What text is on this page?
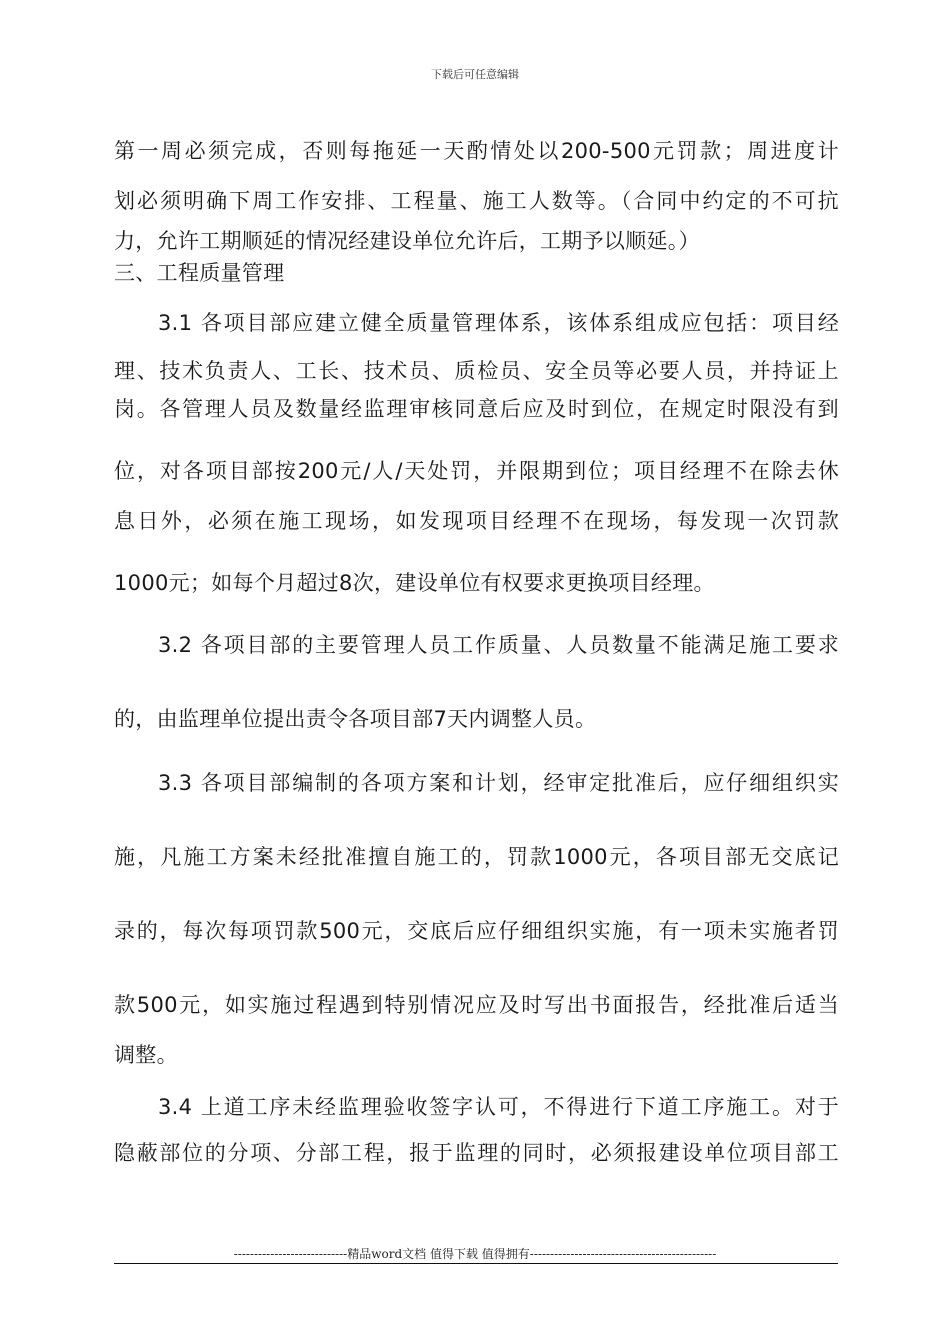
下载后可任意编辑
第一周必须完成，否则每拖延一天酌情处以200-500元罚款；周进度计
划必须明确下周工作安排、工程量、施工人数等。（合同中约定的不可抗
力，允许工期顺延的情况经建设单位允许后，工期予以顺延。）
三、工程质量管理
3.1 各项目部应建立健全质量管理体系，该体系组成应包括：项目经
理、技术负责人、工长、技术员、质检员、安全员等必要人员，并持证上
岗。各管理人员及数量经监理审核同意后应及时到位，在规定时限没有到
位，对各项目部按200元/人/天处罚，并限期到位；项目经理不在除去休
息日外，必须在施工现场，如发现项目经理不在现场，每发现一次罚款
1000元；如每个月超过8次，建设单位有权要求更换项目经理。
3.2 各项目部的主要管理人员工作质量、人员数量不能满足施工要求
的，由监理单位提出责令各项目部7天内调整人员。
3.3 各项目部编制的各项方案和计划，经审定批准后，应仔细组织实
施，凡施工方案未经批准擅自施工的，罚款1000元，各项目部无交底记
录的，每次每项罚款500元，交底后应仔细组织实施，有一项未实施者罚
款500元，如实施过程遇到特别情况应及时写出书面报告，经批准后适当
调整。
3.4 上道工序未经监理验收签字认可，不得进行下道工序施工。对于
隐蔽部位的分项、分部工程，报于监理的同时，必须报建设单位项目部工
----------------------------精品word文档 值得下载 值得拥有----------------------------------------------
